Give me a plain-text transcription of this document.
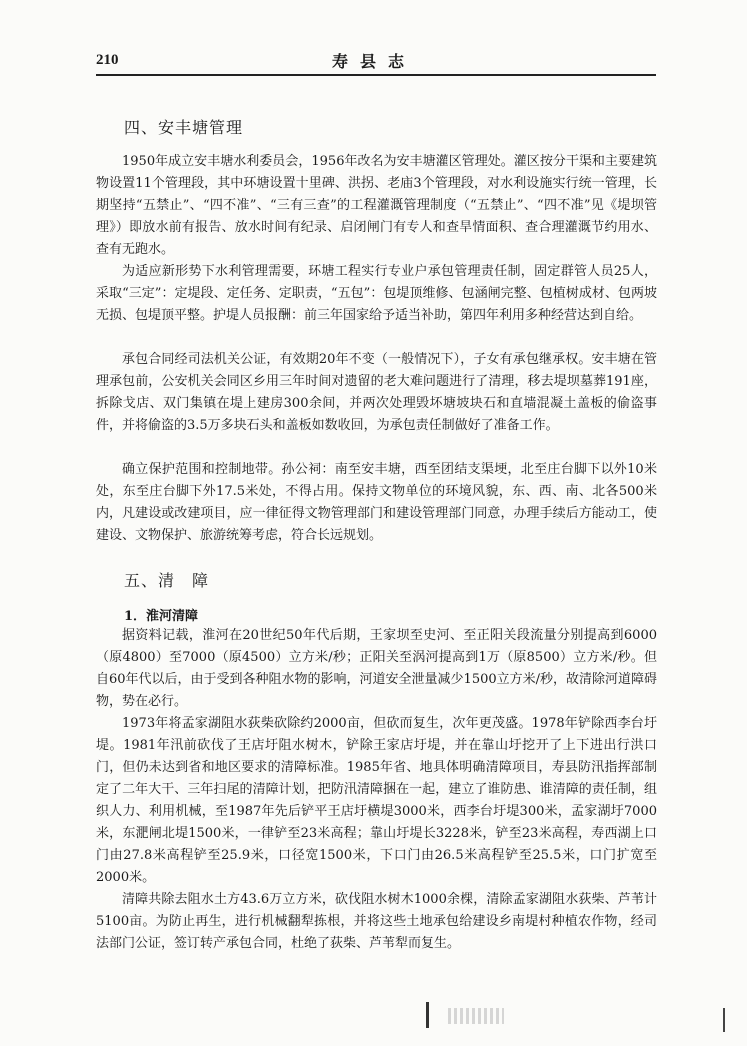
210	寿县志
四、安丰塘管理

1950年成立安丰塘水利委员会，1956年改名为安丰塘灌区管理处。灌区按分干渠和主要建筑物设置11个管理段，其中环塘设置十里碑、洪拐、老庙3个管理段，对水利设施实行统一管理，长期坚持“五禁止”、“四不准”、“三有三查”的工程灌溉管理制度（“五禁止”、“四不准”见《堤坝管理》）即放水前有报告、放水时间有纪录、启闭闸门有专人和查旱情面积、查合理灌溉节约用水、查有无跑水。

为适应新形势下水利管理需要，环塘工程实行专业户承包管理责任制，固定群管人员25人，采取“三定”：定堤段、定任务、定职责，“五包”：包堤顶维修、包涵闸完整、包植树成材、包两坡无损、包堤顶平整。护堤人员报酬：前三年国家给予适当补助，第四年利用多种经营达到自给。

承包合同经司法机关公证，有效期20年不变（一般情况下），子女有承包继承权。安丰塘在管理承包前，公安机关会同区乡用三年时间对遗留的老大难问题进行了清理，移去堤坝墓葬191座，拆除戈店、双门集镇在堤上建房300余间，并两次处理毁坏塘坡块石和直墙混凝土盖板的偷盗事件，并将偷盗的3.5万多块石头和盖板如数收回，为承包责任制做好了准备工作。

确立保护范围和控制地带。孙公祠：南至安丰塘，西至团结支渠埂，北至庄台脚下以外10米处，东至庄台脚下外17.5米处，不得占用。保持文物单位的环境风貌，东、西、南、北各500米内，凡建设或改建项目，应一律征得文物管理部门和建设管理部门同意，办理手续后方能动工，使建设、文物保护、旅游统筹考虑，符合长远规划。

五、清　障
1．淮河清障

据资料记载，淮河在20世纪50年代后期，王家坝至史河、至正阳关段流量分别提高到6000（原4800）至7000（原4500）立方米/秒；正阳关至涡河提高到1万（原8500）立方米/秒。但自60年代以后，由于受到各种阻水物的影响，河道安全泄量减少1500立方米/秒，故清除河道障碍物，势在必行。

1973年将孟家湖阻水荻柴砍除约2000亩，但砍而复生，次年更茂盛。1978年铲除西李台圩堤。1981年汛前砍伐了王店圩阻水树木，铲除王家店圩堤，并在靠山圩挖开了上下进出行洪口门，但仍未达到省和地区要求的清障标准。1985年省、地具体明确清障项目，寿县防汛指挥部制定了二年大干、三年扫尾的清障计划，把防汛清障捆在一起，建立了谁防患、谁清障的责任制，组织人力、利用机械，至1987年先后铲平王店圩横堤3000米，西李台圩堤300米，孟家湖圩7000米，东淝闸北堤1500米，一律铲至23米高程；靠山圩堤长3228米，铲至23米高程，寿西湖上口门由27.8米高程铲至25.9米，口径宽1500米，下口门由26.5米高程铲至25.5米，口门扩宽至2000米。

清障共除去阻水土方43.6万立方米，砍伐阻水树木1000余棵，清除孟家湖阻水荻柴、芦苇计5100亩。为防止再生，进行机械翻犁拣根，并将这些土地承包给建设乡南堤村种植农作物，经司法部门公证，签订转产承包合同，杜绝了荻柴、芦苇犁而复生。
